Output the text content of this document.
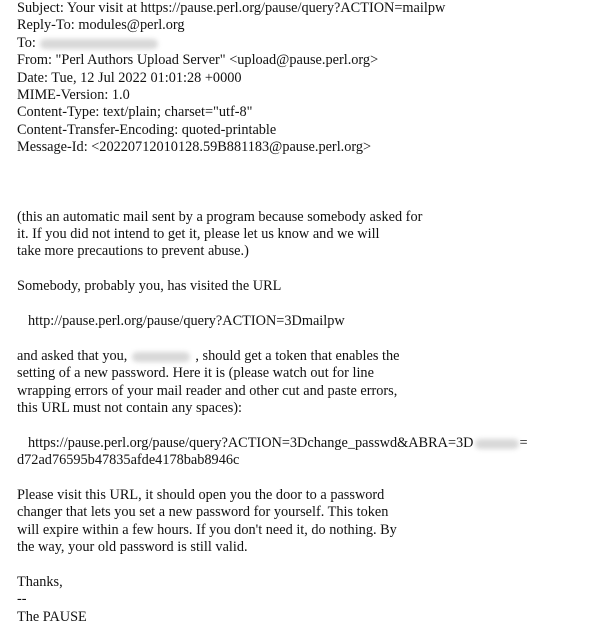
Subject: Your visit at https://pause.perl.org/pause/query?ACTION=mailpw
Reply-To: modules@perl.org
To:
From: "Perl Authors Upload Server" <upload@pause.perl.org>
Date: Tue, 12 Jul 2022 01:01:28 +0000
MIME-Version: 1.0
Content-Type: text/plain; charset="utf-8"
Content-Transfer-Encoding: quoted-printable
Message-Id: <20220712010128.59B881183@pause.perl.org>
(this an automatic mail sent by a program because somebody asked for
it. If you did not intend to get it, please let us know and we will
take more precautions to prevent abuse.)
Somebody, probably you, has visited the URL
http://pause.perl.org/pause/query?ACTION=3Dmailpw
and asked that you,	, should get a token that enables the
setting of a new password. Here it is (please watch out for line
wrapping errors of your mail reader and other cut and paste errors,
this URL must not contain any spaces):
https://pause.perl.org/pause/query?ACTION=3Dchange_passwd&ABRA=3D	=
d72ad76595b47835afde4178bab8946c
Please visit this URL, it should open you the door to a password
changer that lets you set a new password for yourself. This token
will expire within a few hours. If you don't need it, do nothing. By
the way, your old password is still valid.
Thanks,
--
The PAUSE
